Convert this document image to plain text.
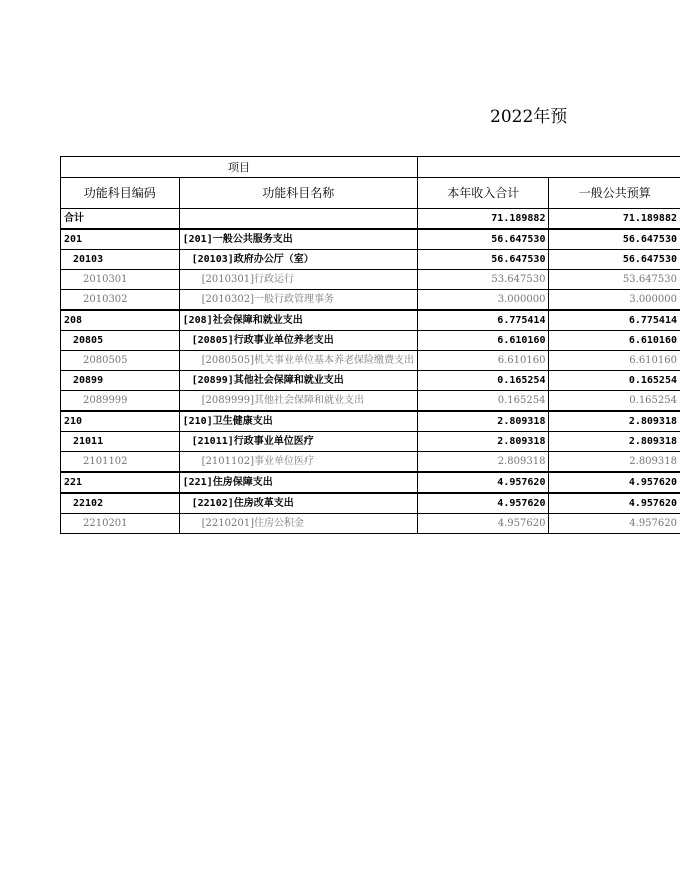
2022年预
项目			
功能科目编码	功能科目名称	本年收入合计	一般公共预算
合计		71.189882	71.189882
201	[201]一般公共服务支出	56.647530	56.647530
20103	[20103]政府办公厅（室）	56.647530	56.647530
2010301	[2010301]行政运行	53.647530	53.647530
2010302	[2010302]一般行政管理事务	3.000000	3.000000
208	[208]社会保障和就业支出	6.775414	6.775414
20805	[20805]行政事业单位养老支出	6.610160	6.610160
2080505	[2080505]机关事业单位基本养老保险缴费支出	6.610160	6.610160
20899	[20899]其他社会保障和就业支出	0.165254	0.165254
2089999	[2089999]其他社会保障和就业支出	0.165254	0.165254
210	[210]卫生健康支出	2.809318	2.809318
21011	[21011]行政事业单位医疗	2.809318	2.809318
2101102	[2101102]事业单位医疗	2.809318	2.809318
221	[221]住房保障支出	4.957620	4.957620
22102	[22102]住房改革支出	4.957620	4.957620
2210201	[2210201]住房公积金	4.957620	4.957620
